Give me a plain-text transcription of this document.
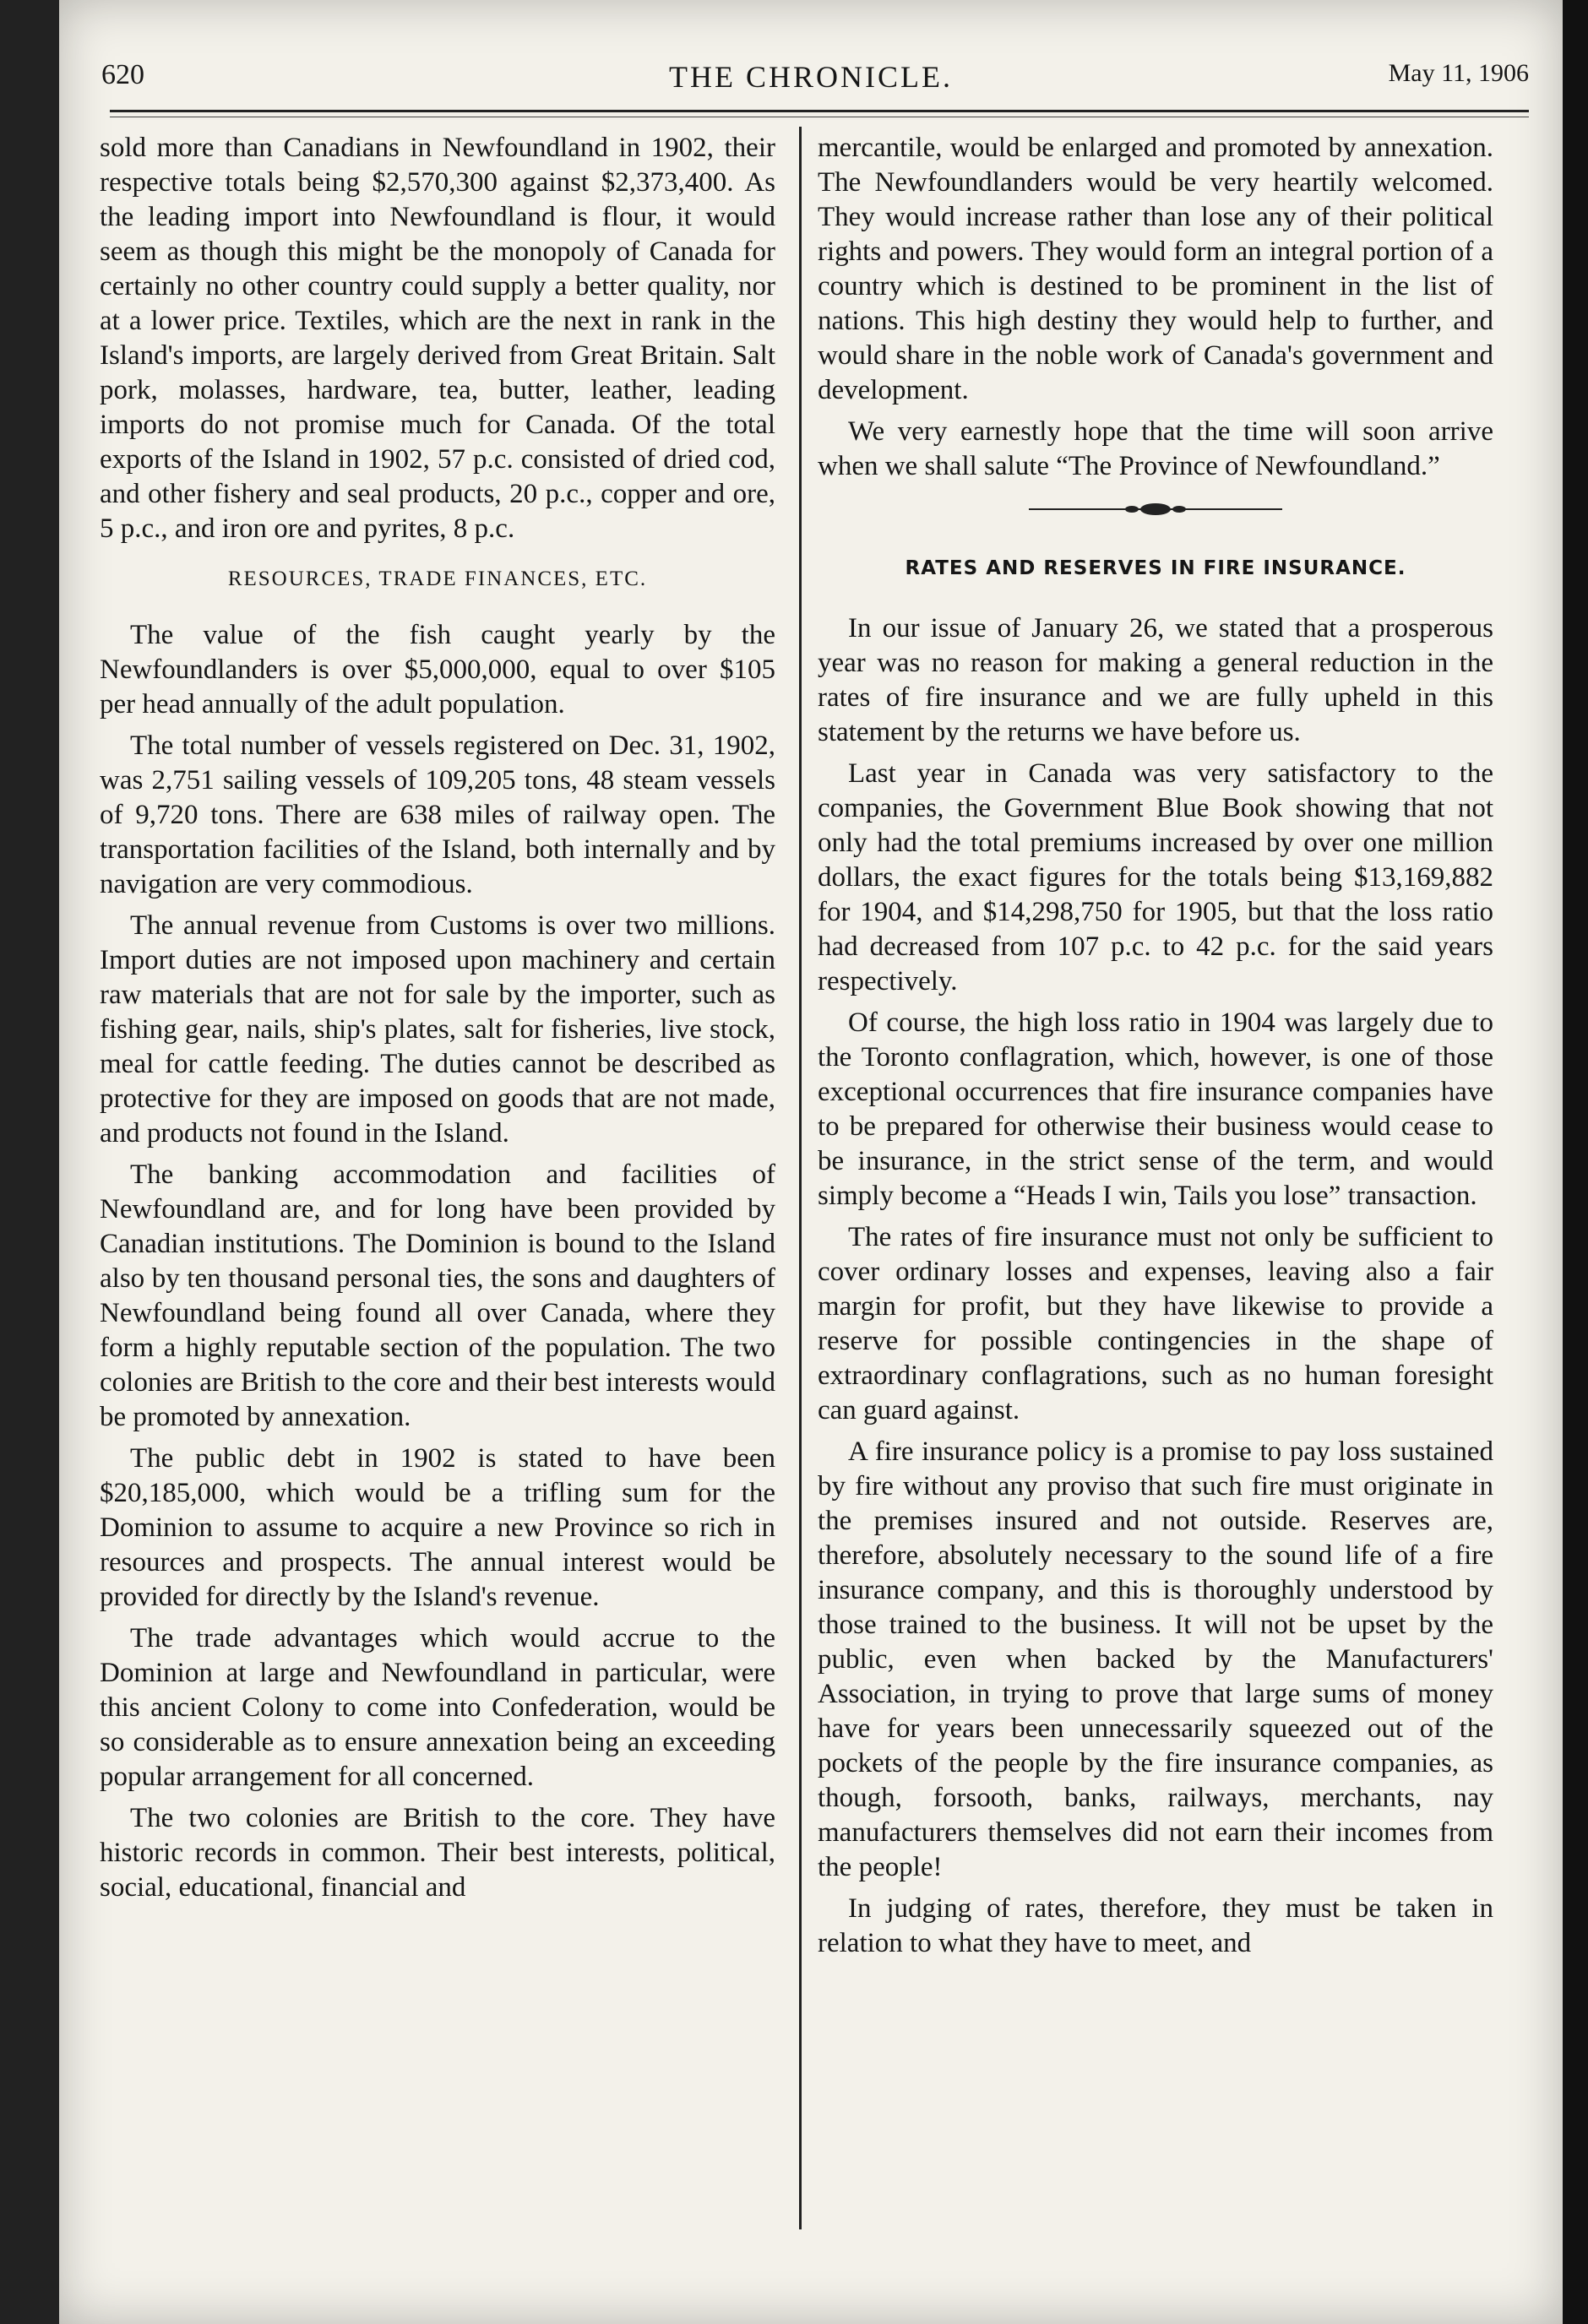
620	THE CHRONICLE.	May 11, 1906

sold more than Canadians in Newfoundland in 1902, their respective totals being $2,570,300 against $2,373,400. As the leading import into Newfoundland is flour, it would seem as though this might be the monopoly of Canada for certainly no other country could supply a better quality, nor at a lower price. Textiles, which are the next in rank in the Island's imports, are largely derived from Great Britain. Salt pork, molasses, hardware, tea, butter, leather, leading imports do not promise much for Canada. Of the total exports of the Island in 1902, 57 p.c. consisted of dried cod, and other fishery and seal products, 20 p.c., copper and ore, 5 p.c., and iron ore and pyrites, 8 p.c.

RESOURCES, TRADE FINANCES, ETC.

The value of the fish caught yearly by the Newfoundlanders is over $5,000,000, equal to over $105 per head annually of the adult population.

The total number of vessels registered on Dec. 31, 1902, was 2,751 sailing vessels of 109,205 tons, 48 steam vessels of 9,720 tons. There are 638 miles of railway open. The transportation facilities of the Island, both internally and by navigation are very commodious.

The annual revenue from Customs is over two millions. Import duties are not imposed upon machinery and certain raw materials that are not for sale by the importer, such as fishing gear, nails, ship's plates, salt for fisheries, live stock, meal for cattle feeding. The duties cannot be described as protective for they are imposed on goods that are not made, and products not found in the Island.

The banking accommodation and facilities of Newfoundland are, and for long have been provided by Canadian institutions. The Dominion is bound to the Island also by ten thousand personal ties, the sons and daughters of Newfoundland being found all over Canada, where they form a highly reputable section of the population. The two colonies are British to the core and their best interests would be promoted by annexation.

The public debt in 1902 is stated to have been $20,185,000, which would be a trifling sum for the Dominion to assume to acquire a new Province so rich in resources and prospects. The annual interest would be provided for directly by the Island's revenue.

The trade advantages which would accrue to the Dominion at large and Newfoundland in particular, were this ancient Colony to come into Confederation, would be so considerable as to ensure annexation being an exceeding popular arrangement for all concerned.

The two colonies are British to the core. They have historic records in common. Their best interests, political, social, educational, financial and

mercantile, would be enlarged and promoted by annexation. The Newfoundlanders would be very heartily welcomed. They would increase rather than lose any of their political rights and powers. They would form an integral portion of a country which is destined to be prominent in the list of nations. This high destiny they would help to further, and would share in the noble work of Canada's government and development.

We very earnestly hope that the time will soon arrive when we shall salute “The Province of Newfoundland.”

RATES AND RESERVES IN FIRE INSURANCE.

In our issue of January 26, we stated that a prosperous year was no reason for making a general reduction in the rates of fire insurance and we are fully upheld in this statement by the returns we have before us.

Last year in Canada was very satisfactory to the companies, the Government Blue Book showing that not only had the total premiums increased by over one million dollars, the exact figures for the totals being $13,169,882 for 1904, and $14,298,750 for 1905, but that the loss ratio had decreased from 107 p.c. to 42 p.c. for the said years respectively.

Of course, the high loss ratio in 1904 was largely due to the Toronto conflagration, which, however, is one of those exceptional occurrences that fire insurance companies have to be prepared for otherwise their business would cease to be insurance, in the strict sense of the term, and would simply become a “Heads I win, Tails you lose” transaction.

The rates of fire insurance must not only be sufficient to cover ordinary losses and expenses, leaving also a fair margin for profit, but they have likewise to provide a reserve for possible contingencies in the shape of extraordinary conflagrations, such as no human foresight can guard against.

A fire insurance policy is a promise to pay loss sustained by fire without any proviso that such fire must originate in the premises insured and not outside. Reserves are, therefore, absolutely necessary to the sound life of a fire insurance company, and this is thoroughly understood by those trained to the business. It will not be upset by the public, even when backed by the Manufacturers' Association, in trying to prove that large sums of money have for years been unnecessarily squeezed out of the pockets of the people by the fire insurance companies, as though, forsooth, banks, railways, merchants, nay manufacturers themselves did not earn their incomes from the people!

In judging of rates, therefore, they must be taken in relation to what they have to meet, and
